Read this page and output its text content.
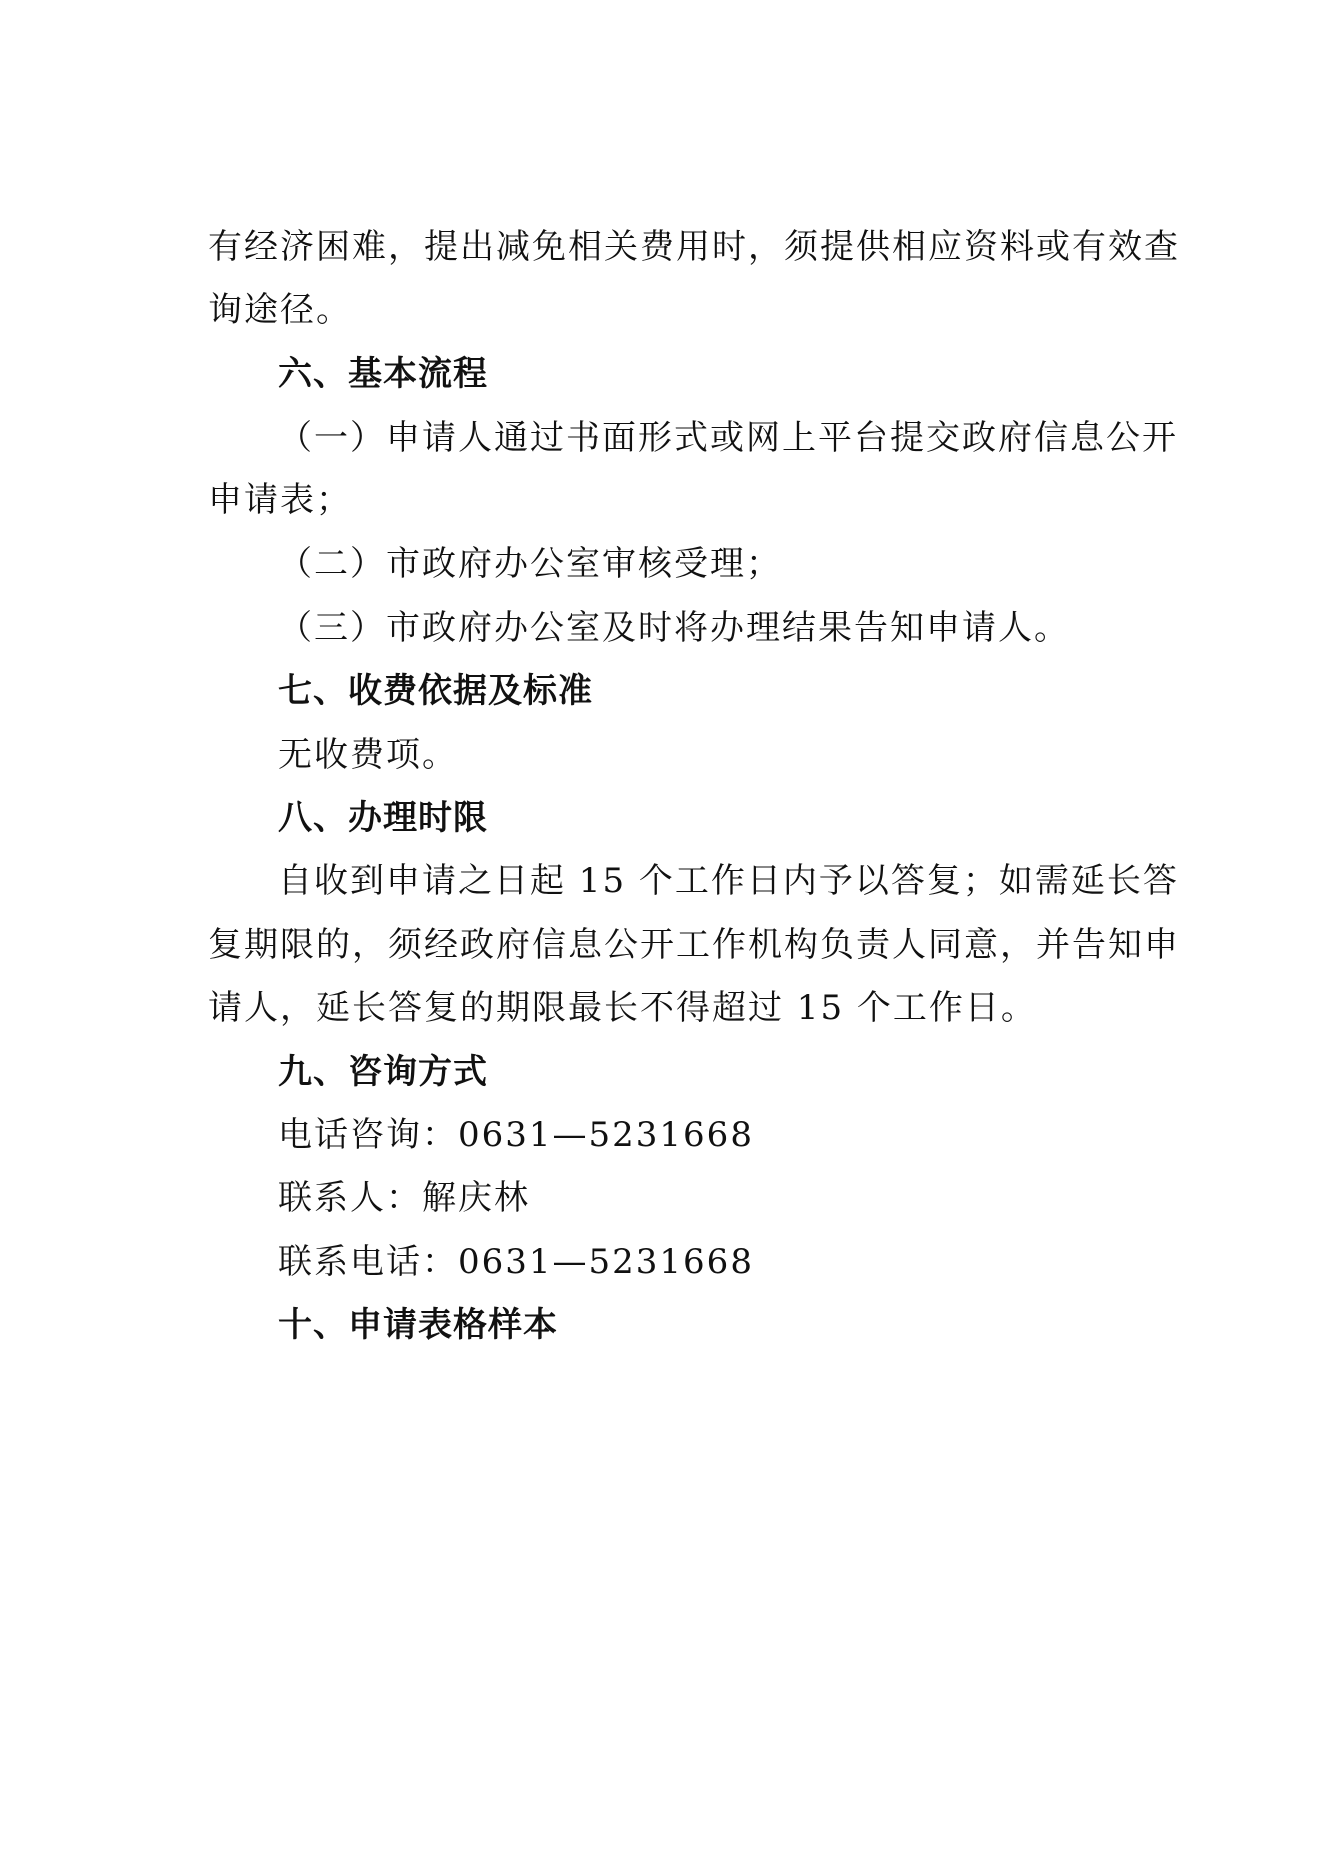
有经济困难，提出减免相关费用时，须提供相应资料或有效查
询途径。
六、基本流程
（一）申请人通过书面形式或网上平台提交政府信息公开
申请表；
（二）市政府办公室审核受理；
（三）市政府办公室及时将办理结果告知申请人。
七、收费依据及标准
无收费项。
八、办理时限
自收到申请之日起 15 个工作日内予以答复；如需延长答
复期限的，须经政府信息公开工作机构负责人同意，并告知申
请人，延长答复的期限最长不得超过 15 个工作日。
九、咨询方式
电话咨询：0631—5231668
联系人：解庆林
联系电话：0631—5231668
十、申请表格样本
